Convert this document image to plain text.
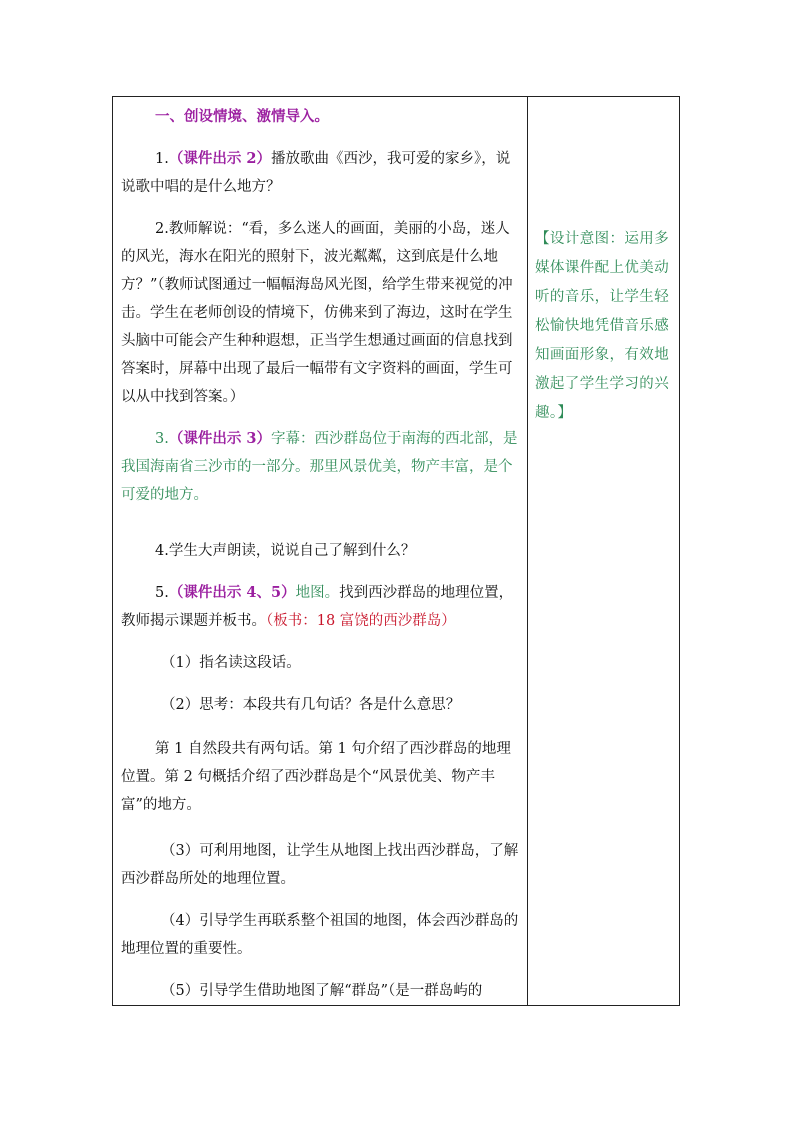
一、创设情境、激情导入。

1.（课件出示 2）播放歌曲《西沙，我可爱的家乡》，说说歌中唱的是什么地方？

2.教师解说：“看，多么迷人的画面，美丽的小岛，迷人的风光，海水在阳光的照射下，波光粼粼，这到底是什么地方？”（教师试图通过一幅幅海岛风光图，给学生带来视觉的冲击。学生在老师创设的情境下，仿佛来到了海边，这时在学生头脑中可能会产生种种遐想，正当学生想通过画面的信息找到答案时，屏幕中出现了最后一幅带有文字资料的画面，学生可以从中找到答案。）

3.（课件出示 3）字幕：西沙群岛位于南海的西北部，是我国海南省三沙市的一部分。那里风景优美，物产丰富，是个可爱的地方。

4.学生大声朗读，说说自己了解到什么？

5.（课件出示 4、5）地图。找到西沙群岛的地理位置，教师揭示课题并板书。（板书：18 富饶的西沙群岛）

（1）指名读这段话。

（2）思考：本段共有几句话？各是什么意思？

第 1 自然段共有两句话。第 1 句介绍了西沙群岛的地理位置。第 2 句概括介绍了西沙群岛是个“风景优美、物产丰富”的地方。

（3）可利用地图，让学生从地图上找出西沙群岛，了解西沙群岛所处的地理位置。

（4）引导学生再联系整个祖国的地图，体会西沙群岛的地理位置的重要性。

（5）引导学生借助地图了解“群岛”（是一群岛屿的

【设计意图：运用多媒体课件配上优美动听的音乐，让学生轻松愉快地凭借音乐感知画面形象，有效地激起了学生学习的兴趣。】
